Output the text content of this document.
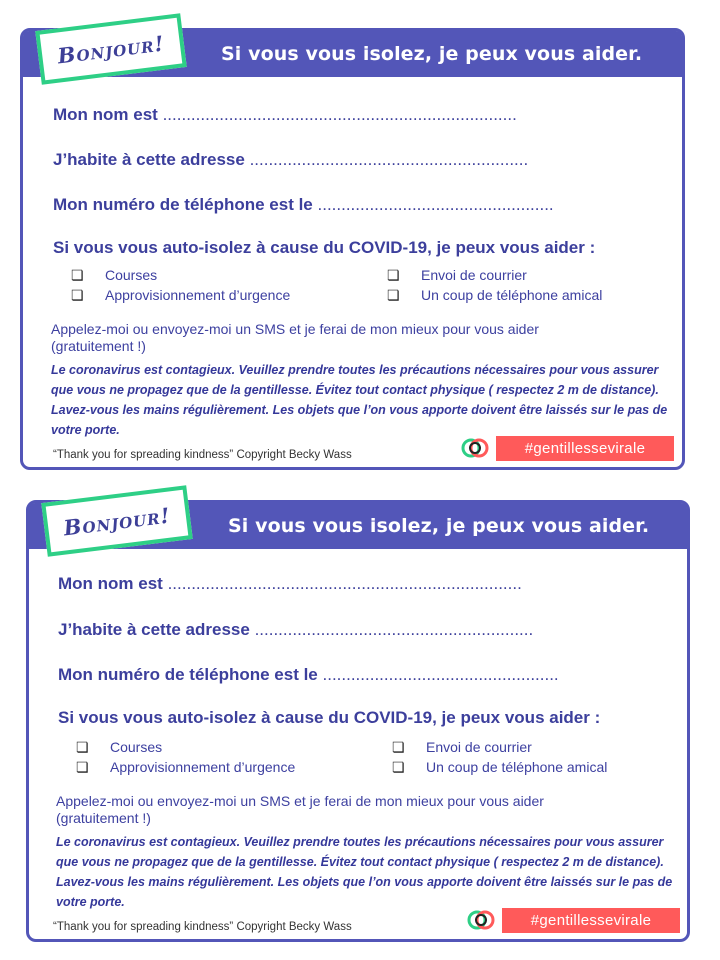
Si vous vous isolez, je peux vous aider.
Mon nom est ...........................................................................
J’habite à cette adresse ...........................................................
Mon numéro de téléphone est le ..................................................
Si vous vous auto-isolez à cause du COVID-19, je peux vous aider :
❏ Courses	❏ Envoi de courrier
❏ Approvisionnement d’urgence	❏ Un coup de téléphone amical
Appelez-moi ou envoyez-moi un SMS et je ferai de mon mieux pour vous aider (gratuitement !)
Le coronavirus est contagieux. Veuillez prendre toutes les précautions nécessaires pour vous assurer que vous ne propagez que de la gentillesse. Évitez tout contact physique ( respectez 2 m de distance). Lavez-vous les mains régulièrement. Les objets que l’on vous apporte doivent être laissés sur le pas de votre porte.
“Thank you for spreading kindness” Copyright Becky Wass	#gentillessevirale
Bonjour!
Si vous vous isolez, je peux vous aider.
Mon nom est ...........................................................................
J’habite à cette adresse ...........................................................
Mon numéro de téléphone est le ..................................................
Si vous vous auto-isolez à cause du COVID-19, je peux vous aider :
❏ Courses	❏ Envoi de courrier
❏ Approvisionnement d’urgence	❏ Un coup de téléphone amical
Appelez-moi ou envoyez-moi un SMS et je ferai de mon mieux pour vous aider (gratuitement !)
Le coronavirus est contagieux. Veuillez prendre toutes les précautions nécessaires pour vous assurer que vous ne propagez que de la gentillesse. Évitez tout contact physique ( respectez 2 m de distance). Lavez-vous les mains régulièrement. Les objets que l’on vous apporte doivent être laissés sur le pas de votre porte.
“Thank you for spreading kindness” Copyright Becky Wass	#gentillessevirale
Bonjour!
